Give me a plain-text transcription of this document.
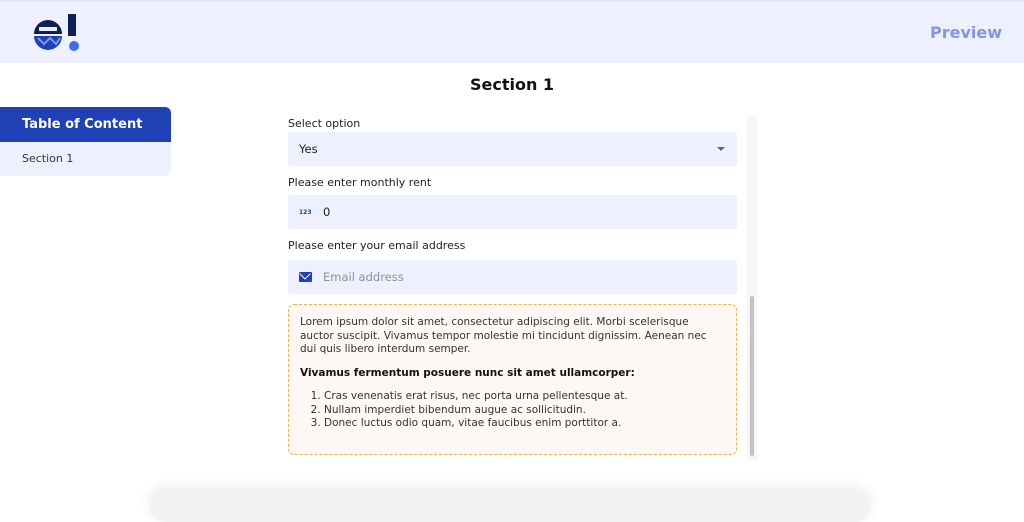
Preview
Section 1
Table of Content
Section 1
Select option
Yes
Please enter monthly rent
123 0
Please enter your email address
Email address

Lorem ipsum dolor sit amet, consectetur adipiscing elit. Morbi scelerisque auctor suscipit. Vivamus tempor molestie mi tincidunt dignissim. Aenean nec dui quis libero interdum semper.

Vivamus fermentum posuere nunc sit amet ullamcorper:
1. Cras venenatis erat risus, nec porta urna pellentesque at.
2. Nullam imperdiet bibendum augue ac sollicitudin.
3. Donec luctus odio quam, vitae faucibus enim porttitor a.
